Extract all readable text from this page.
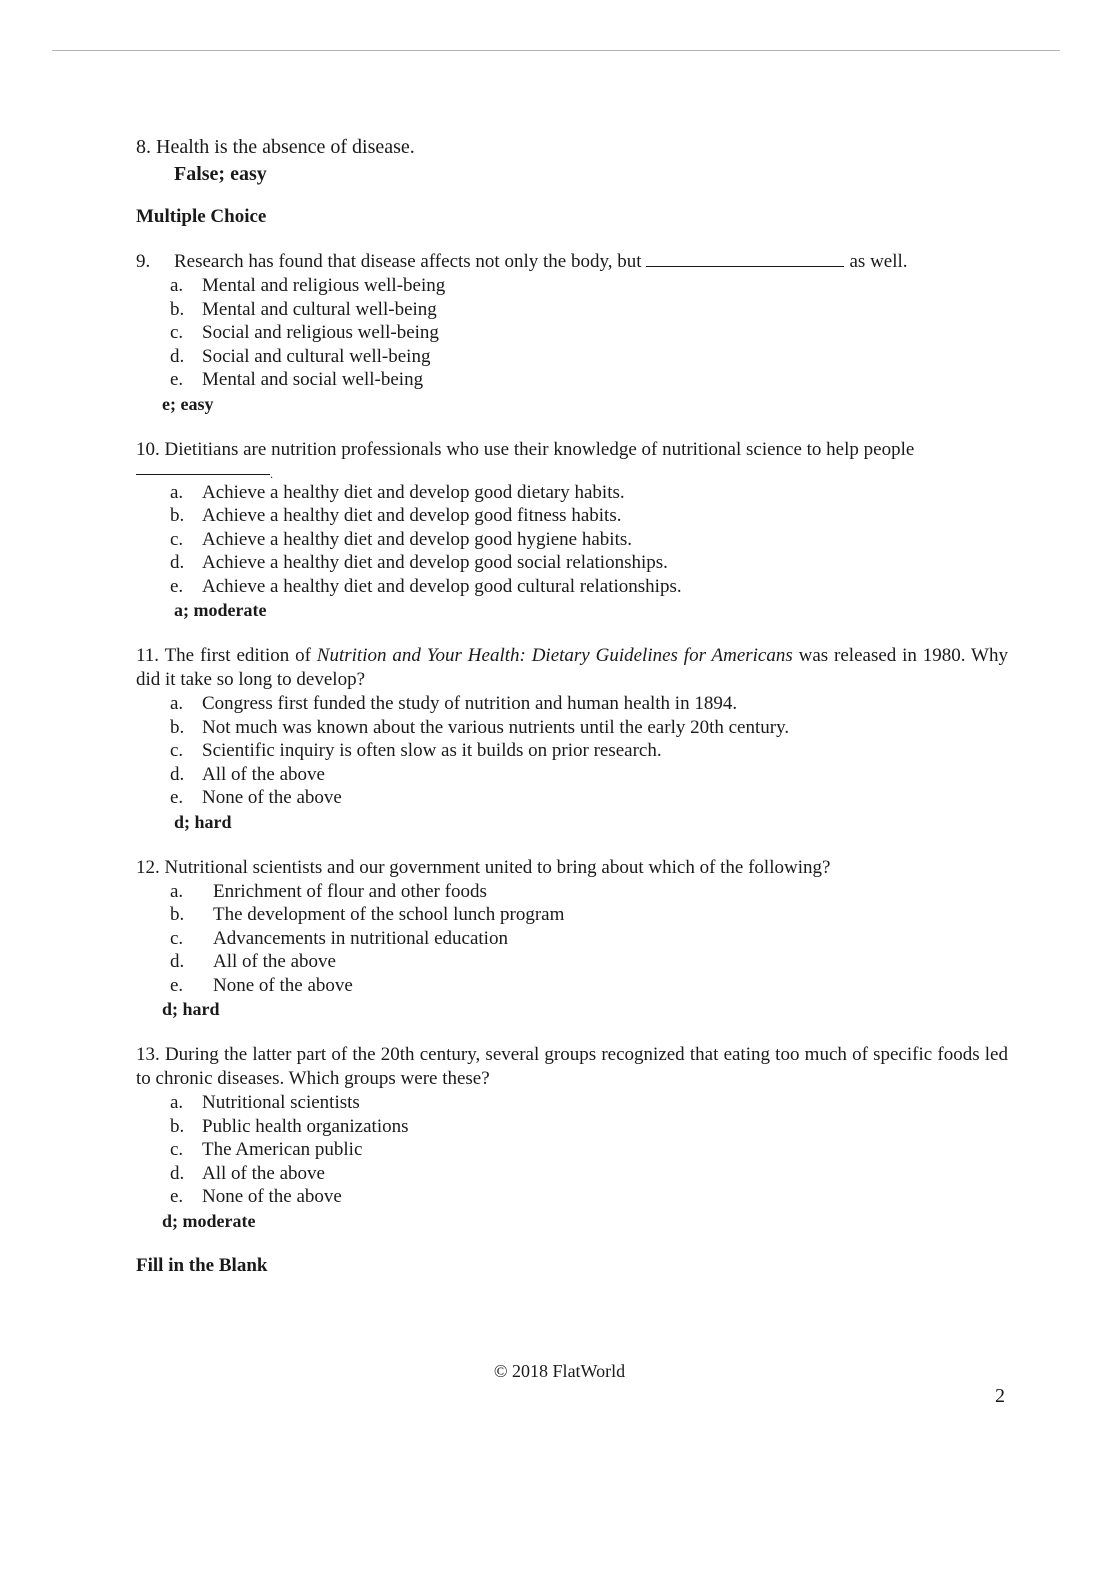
8. Health is the absence of disease.
False; easy
Multiple Choice
9.	Research has found that disease affects not only the body, but	as well.
a. Mental and religious well-being
b. Mental and cultural well-being
c. Social and religious well-being
d. Social and cultural well-being
e. Mental and social well-being
e; easy
10. Dietitians are nutrition professionals who use their knowledge of nutritional science to help people
.
a. Achieve a healthy diet and develop good dietary habits.
b. Achieve a healthy diet and develop good fitness habits.
c. Achieve a healthy diet and develop good hygiene habits.
d. Achieve a healthy diet and develop good social relationships.
e. Achieve a healthy diet and develop good cultural relationships.
a; moderate
11. The first edition of Nutrition and Your Health: Dietary Guidelines for Americans was released in 1980. Why did it take so long to develop?
a. Congress first funded the study of nutrition and human health in 1894.
b. Not much was known about the various nutrients until the early 20th century.
c. Scientific inquiry is often slow as it builds on prior research.
d. All of the above
e. None of the above
d; hard
12. Nutritional scientists and our government united to bring about which of the following?
a.	Enrichment of flour and other foods
b.	The development of the school lunch program
c.	Advancements in nutritional education
d.	All of the above
e.	None of the above
d; hard
13. During the latter part of the 20th century, several groups recognized that eating too much of specific foods led to chronic diseases. Which groups were these?
a. Nutritional scientists
b. Public health organizations
c. The American public
d. All of the above
e. None of the above
d; moderate
Fill in the Blank
© 2018 FlatWorld
2
